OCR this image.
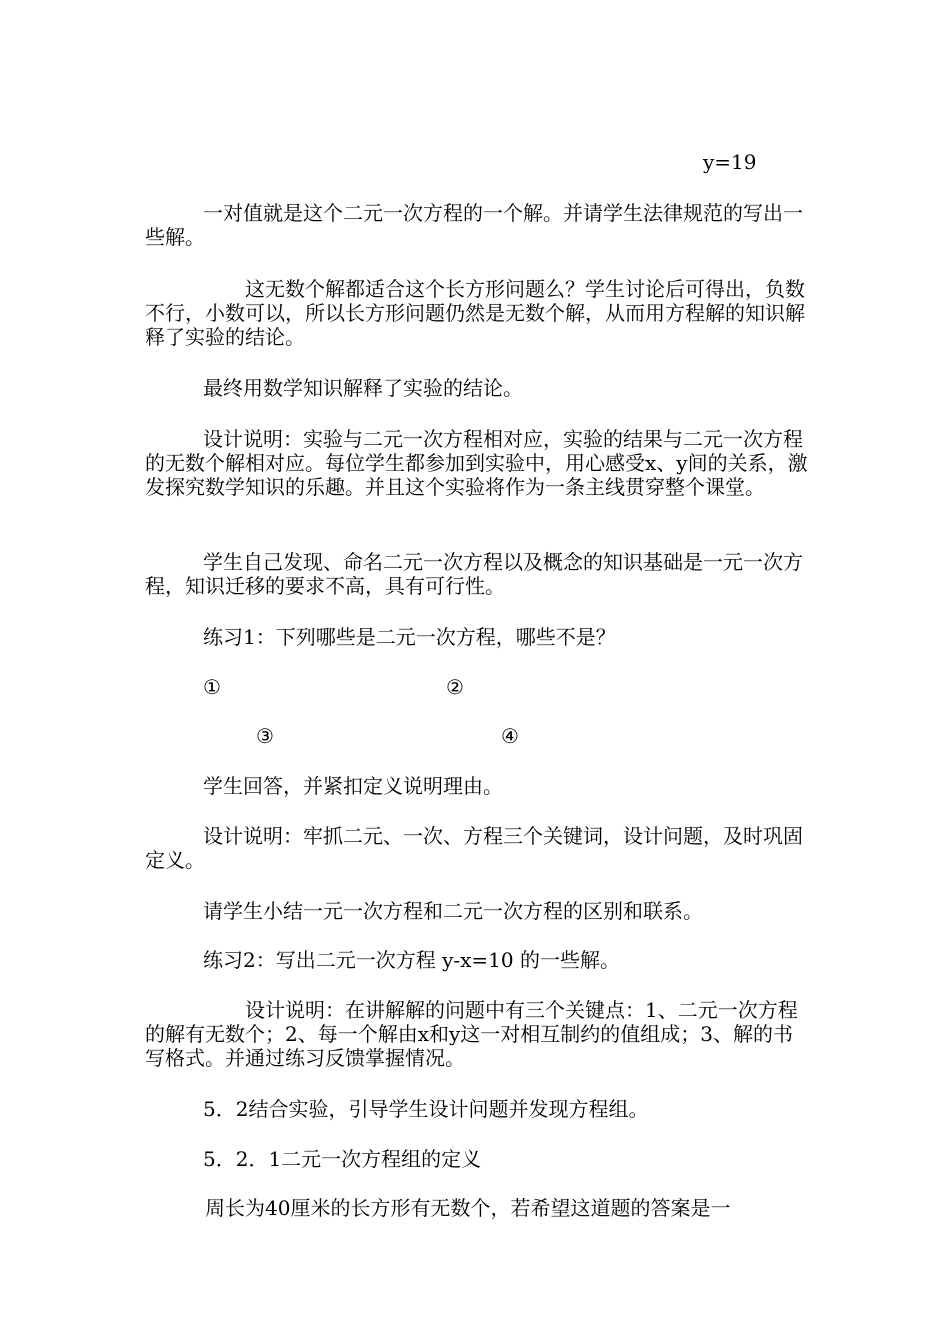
y=19
一对值就是这个二元一次方程的一个解。并请学生法律规范的写出一些解。
这无数个解都适合这个长方形问题么？学生讨论后可得出，负数不行，小数可以，所以长方形问题仍然是无数个解，从而用方程解的知识解释了实验的结论。
最终用数学知识解释了实验的结论。
设计说明：实验与二元一次方程相对应，实验的结果与二元一次方程的无数个解相对应。每位学生都参加到实验中，用心感受x、y间的关系，激发探究数学知识的乐趣。并且这个实验将作为一条主线贯穿整个课堂。
学生自己发现、命名二元一次方程以及概念的知识基础是一元一次方程，知识迁移的要求不高，具有可行性。
练习1：下列哪些是二元一次方程，哪些不是？
①	②
③	④
学生回答，并紧扣定义说明理由。
设计说明：牢抓二元、一次、方程三个关键词，设计问题，及时巩固定义。
请学生小结一元一次方程和二元一次方程的区别和联系。
练习2：写出二元一次方程 y-x=10 的一些解。
设计说明：在讲解解的问题中有三个关键点：1、二元一次方程的解有无数个；2、每一个解由x和y这一对相互制约的值组成；3、解的书写格式。并通过练习反馈掌握情况。
5．2结合实验，引导学生设计问题并发现方程组。
5．2．1二元一次方程组的定义
周长为40厘米的长方形有无数个，若希望这道题的答案是一
